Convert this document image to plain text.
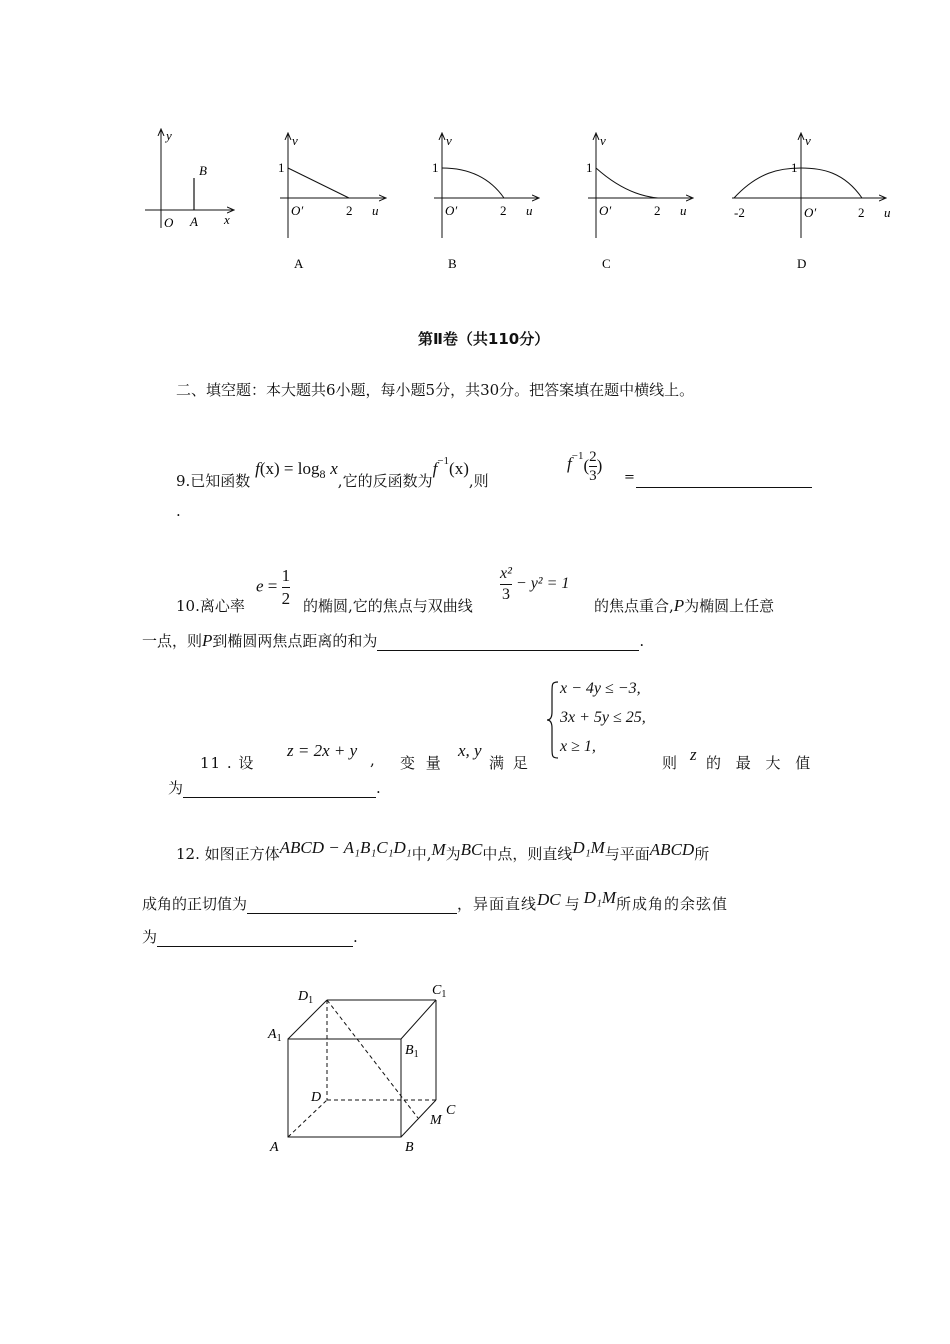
y
O A
B
x
v
1
O′	2 u
A
v
1
O′	2 u
B
v
1
O′	2 u
C
v
1
-2	O′	2 u
D
第Ⅱ卷（共110分）
二、填空题：本大题共6小题，每小题5分，共30分。把答案填在题中横线上。
9.已知函数 $f(x) = \log_8 x$,它的反函数为$f^{-1}(x)$,则
$f^{-1}( \frac{2}{3}$ )
=
.
10.离心率
$e = \frac{1}{2}$ 的椭圆,它的焦点与双曲线
$\frac{\text{x²}}{3} - y^2 = 1$
的焦点重合,P为椭圆上任意
一点，则P到椭圆两焦点距离的和为	.
11 . 设
z = 2x + y , 变 量
x, y
满 足
x − 4y ≤ −3,
3x + 5y ≤ 25,
x ≥ 1,
则 z 的 最 大 值
为	.
12. 如图正方体ABCD − A₁B₁C₁D₁中,M为BC中点，则直线D₁M与平面ABCD所
成角的正切值为	，异面直线DC 与 D₁M所成角的余弦值
为	.
$D_1$
$C_1$
$A_1$
$B_1$
D
C
M
A	B
